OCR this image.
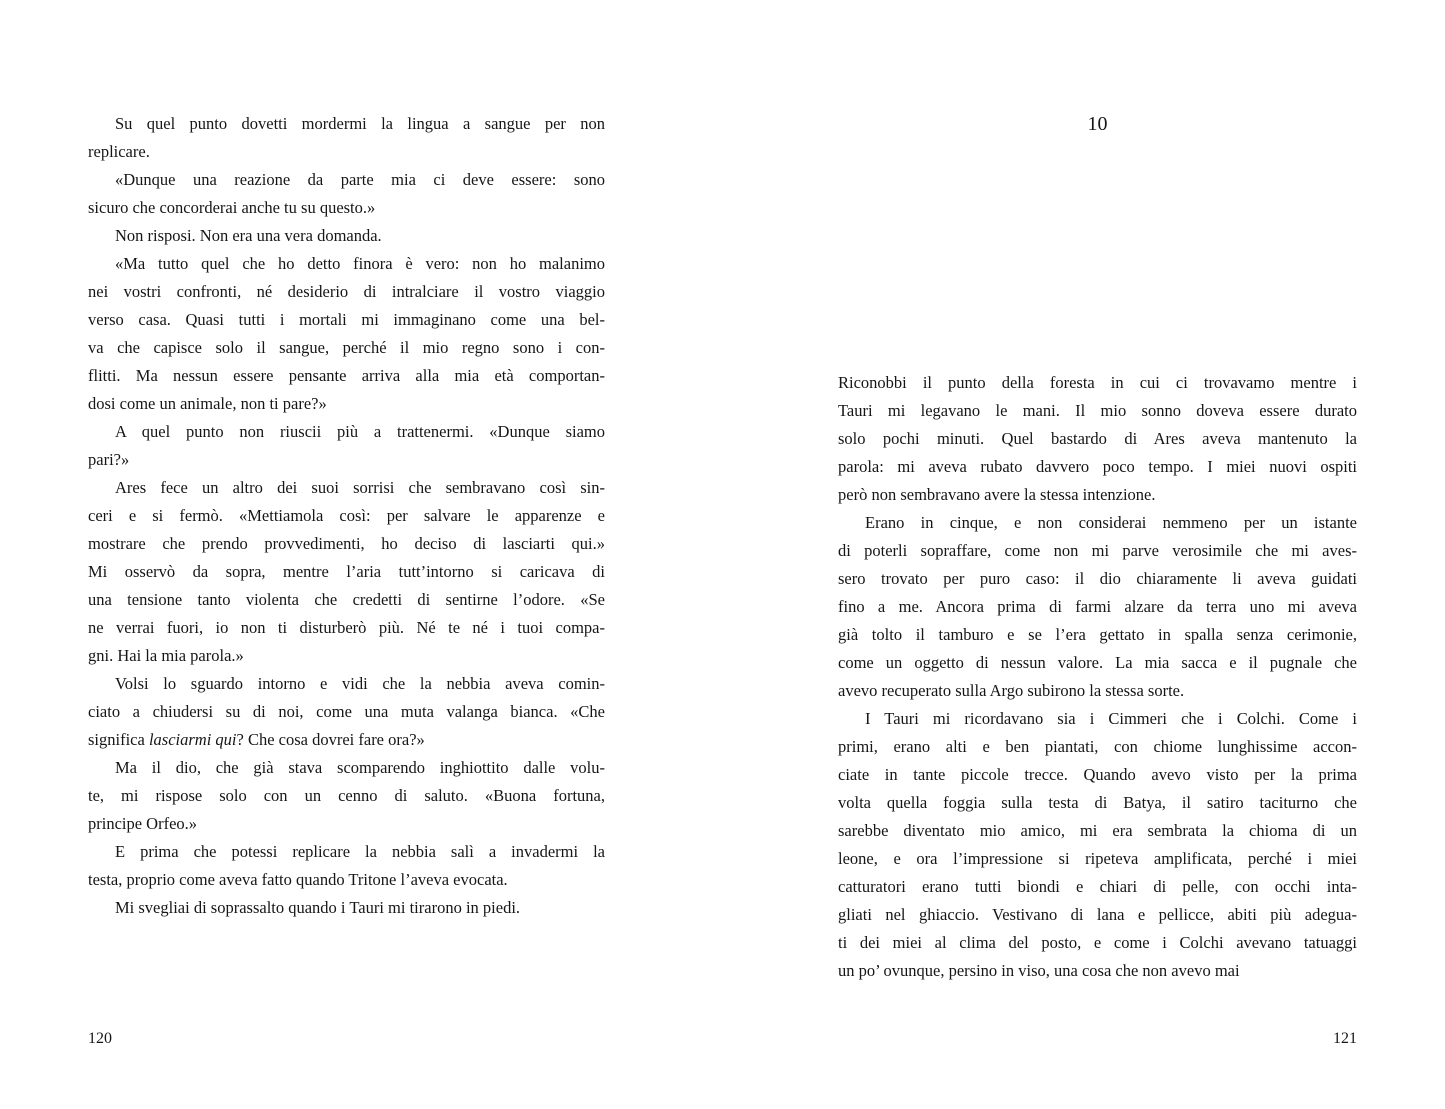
Su quel punto dovetti mordermi la lingua a sangue per non
replicare.
«Dunque una reazione da parte mia ci deve essere: sono
sicuro che concorderai anche tu su questo.»
Non risposi. Non era una vera domanda.
«Ma tutto quel che ho detto finora è vero: non ho malanimo
nei vostri confronti, né desiderio di intralciare il vostro viaggio
verso casa. Quasi tutti i mortali mi immaginano come una bel-
va che capisce solo il sangue, perché il mio regno sono i con-
flitti. Ma nessun essere pensante arriva alla mia età comportan-
dosi come un animale, non ti pare?»
A quel punto non riuscii più a trattenermi. «Dunque siamo
pari?»
Ares fece un altro dei suoi sorrisi che sembravano così sin-
ceri e si fermò. «Mettiamola così: per salvare le apparenze e
mostrare che prendo provvedimenti, ho deciso di lasciarti qui.»
Mi osservò da sopra, mentre l’aria tutt’intorno si caricava di
una tensione tanto violenta che credetti di sentirne l’odore. «Se
ne verrai fuori, io non ti disturberò più. Né te né i tuoi compa-
gni. Hai la mia parola.»
Volsi lo sguardo intorno e vidi che la nebbia aveva comin-
ciato a chiudersi su di noi, come una muta valanga bianca. «Che
significa lasciarmi qui? Che cosa dovrei fare ora?»
Ma il dio, che già stava scomparendo inghiottito dalle volu-
te, mi rispose solo con un cenno di saluto. «Buona fortuna,
principe Orfeo.»
E prima che potessi replicare la nebbia salì a invadermi la
testa, proprio come aveva fatto quando Tritone l’aveva evocata.
Mi svegliai di soprassalto quando i Tauri mi tirarono in piedi.
120
10
Riconobbi il punto della foresta in cui ci trovavamo mentre i
Tauri mi legavano le mani. Il mio sonno doveva essere durato
solo pochi minuti. Quel bastardo di Ares aveva mantenuto la
parola: mi aveva rubato davvero poco tempo. I miei nuovi ospiti
però non sembravano avere la stessa intenzione.
Erano in cinque, e non considerai nemmeno per un istante
di poterli sopraffare, come non mi parve verosimile che mi aves-
sero trovato per puro caso: il dio chiaramente li aveva guidati
fino a me. Ancora prima di farmi alzare da terra uno mi aveva
già tolto il tamburo e se l’era gettato in spalla senza cerimonie,
come un oggetto di nessun valore. La mia sacca e il pugnale che
avevo recuperato sulla Argo subirono la stessa sorte.
I Tauri mi ricordavano sia i Cimmeri che i Colchi. Come i
primi, erano alti e ben piantati, con chiome lunghissime accon-
ciate in tante piccole trecce. Quando avevo visto per la prima
volta quella foggia sulla testa di Batya, il satiro taciturno che
sarebbe diventato mio amico, mi era sembrata la chioma di un
leone, e ora l’impressione si ripeteva amplificata, perché i miei
catturatori erano tutti biondi e chiari di pelle, con occhi inta-
gliati nel ghiaccio. Vestivano di lana e pellicce, abiti più adegua-
ti dei miei al clima del posto, e come i Colchi avevano tatuaggi
un po’ ovunque, persino in viso, una cosa che non avevo mai
121
